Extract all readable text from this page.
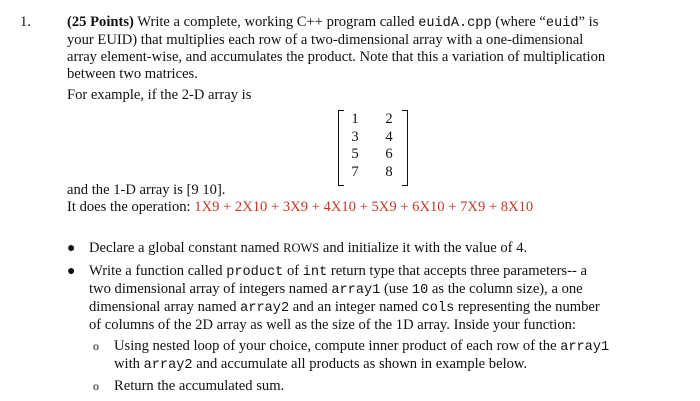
1. (25 Points) Write a complete, working C++ program called euidA.cpp (where “euid” is
your EUID) that multiplies each row of a two-dimensional array with a one-dimensional
array element-wise, and accumulates the product. Note that this a variation of multiplication
between two matrices.
For example, if the 2-D array is
1 2
3 4
5 6
7 8
and the 1-D array is [9 10].
It does the operation: 1X9 + 2X10 + 3X9 + 4X10 + 5X9 + 6X10 + 7X9 + 8X10
● Declare a global constant named ROWS and initialize it with the value of 4.
● Write a function called product of int return type that accepts three parameters-- a
two dimensional array of integers named array1 (use 10 as the column size), a one
dimensional array named array2 and an integer named cols representing the number
of columns of the 2D array as well as the size of the 1D array. Inside your function:
o Using nested loop of your choice, compute inner product of each row of the array1
with array2 and accumulate all products as shown in example below.
o Return the accumulated sum.
